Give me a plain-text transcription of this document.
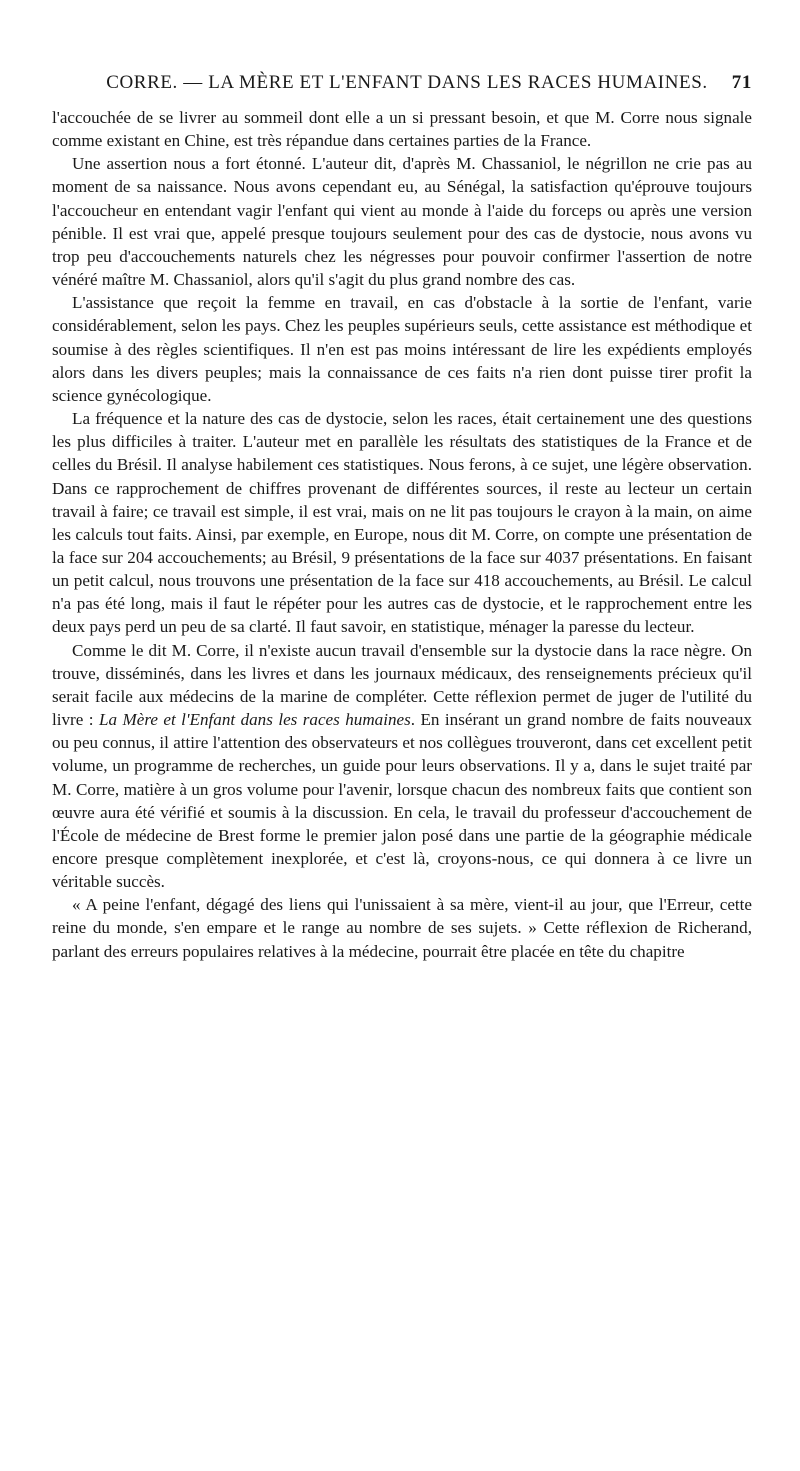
CORRE. — LA MÈRE ET L'ENFANT DANS LES RACES HUMAINES.	71

l'accouchée de se livrer au sommeil dont elle a un si pressant besoin, et que M. Corre nous signale comme existant en Chine, est très répandue dans certaines parties de la France.

Une assertion nous a fort étonné. L'auteur dit, d'après M. Chassaniol, le négrillon ne crie pas au moment de sa naissance. Nous avons cependant eu, au Sénégal, la satisfaction qu'éprouve toujours l'accoucheur en entendant vagir l'enfant qui vient au monde à l'aide du forceps ou après une version pénible. Il est vrai que, appelé presque toujours seulement pour des cas de dystocie, nous avons vu trop peu d'accouchements naturels chez les négresses pour pouvoir confirmer l'assertion de notre vénéré maître M. Chassaniol, alors qu'il s'agit du plus grand nombre des cas.

L'assistance que reçoit la femme en travail, en cas d'obstacle à la sortie de l'enfant, varie considérablement, selon les pays. Chez les peuples supérieurs seuls, cette assistance est méthodique et soumise à des règles scientifiques. Il n'en est pas moins intéressant de lire les expédients employés alors dans les divers peuples; mais la connaissance de ces faits n'a rien dont puisse tirer profit la science gynécologique.

La fréquence et la nature des cas de dystocie, selon les races, était certainement une des questions les plus difficiles à traiter. L'auteur met en parallèle les résultats des statistiques de la France et de celles du Brésil. Il analyse habilement ces statistiques. Nous ferons, à ce sujet, une légère observation. Dans ce rapprochement de chiffres provenant de différentes sources, il reste au lecteur un certain travail à faire; ce travail est simple, il est vrai, mais on ne lit pas toujours le crayon à la main, on aime les calculs tout faits. Ainsi, par exemple, en Europe, nous dit M. Corre, on compte une présentation de la face sur 204 accouchements; au Brésil, 9 présentations de la face sur 4037 présentations. En faisant un petit calcul, nous trouvons une présentation de la face sur 418 accouchements, au Brésil. Le calcul n'a pas été long, mais il faut le répéter pour les autres cas de dystocie, et le rapprochement entre les deux pays perd un peu de sa clarté. Il faut savoir, en statistique, ménager la paresse du lecteur.

Comme le dit M. Corre, il n'existe aucun travail d'ensemble sur la dystocie dans la race nègre. On trouve, disséminés, dans les livres et dans les journaux médicaux, des renseignements précieux qu'il serait facile aux médecins de la marine de compléter. Cette réflexion permet de juger de l'utilité du livre : La Mère et l'Enfant dans les races humaines. En insérant un grand nombre de faits nouveaux ou peu connus, il attire l'attention des observateurs et nos collègues trouveront, dans cet excellent petit volume, un programme de recherches, un guide pour leurs observations. Il y a, dans le sujet traité par M. Corre, matière à un gros volume pour l'avenir, lorsque chacun des nombreux faits que contient son œuvre aura été vérifié et soumis à la discussion. En cela, le travail du professeur d'accouchement de l'École de médecine de Brest forme le premier jalon posé dans une partie de la géographie médicale encore presque complètement inexplorée, et c'est là, croyons-nous, ce qui donnera à ce livre un véritable succès.

« A peine l'enfant, dégagé des liens qui l'unissaient à sa mère, vient-il au jour, que l'Erreur, cette reine du monde, s'en empare et le range au nombre de ses sujets. » Cette réflexion de Richerand, parlant des erreurs populaires relatives à la médecine, pourrait être placée en tête du chapitre
